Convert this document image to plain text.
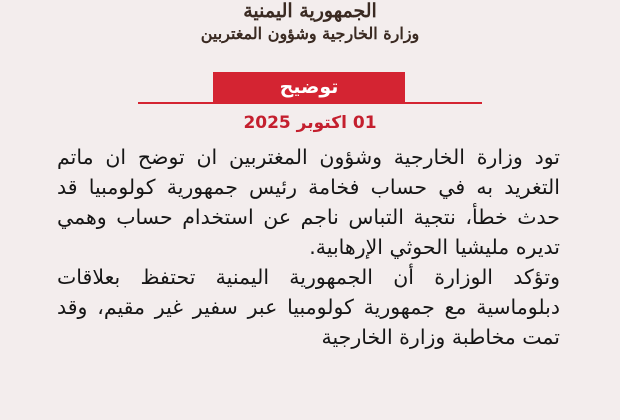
الجمهورية اليمنية
وزارة الخارجية وشؤون المغتربين
توضيح
01 اكتوبر 2025

تود وزارة الخارجية وشؤون المغتربين ان توضح ان ماتم التغريد به في حساب فخامة رئيس جمهورية كولومبيا قد حدث خطأ، نتجية التباس ناجم عن استخدام حساب وهمي تديره مليشيا الحوثي الإرهابية.

وتؤكد الوزارة أن الجمهورية اليمنية تحتفظ بعلاقات دبلوماسية مع جمهورية كولومبيا عبر سفير غير مقيم، وقد تمت مخاطبة وزارة الخارجية
